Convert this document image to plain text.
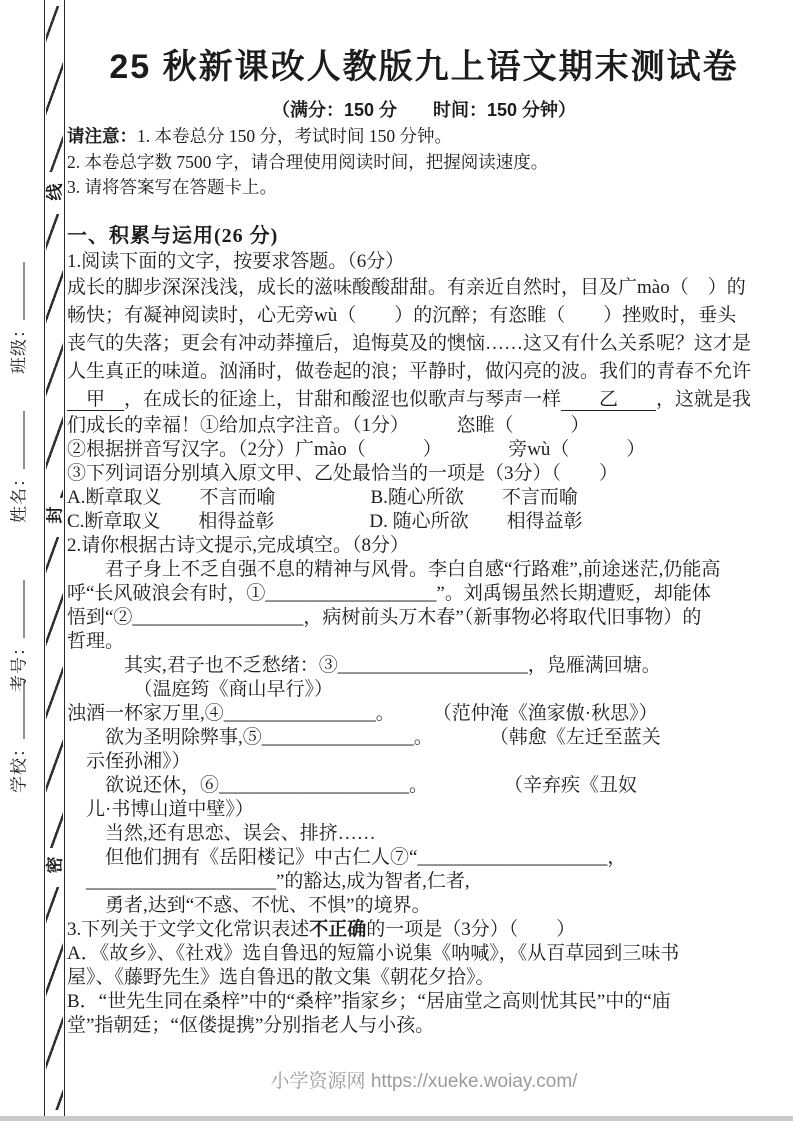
班级：
姓名：
考号：
学校：
线
封
密
25 秋新课改人教版九上语文期末测试卷
（满分：150 分　　时间：150 分钟）
请注意：1. 本卷总分 150 分，考试时间 150 分钟。
2. 本卷总字数 7500 字，请合理使用阅读时间，把握阅读速度。
3. 请将答案写在答题卡上。
一、积累与运用(26 分)
1.阅读下面的文字，按要求答题。（6分）
成长的脚步深深浅浅，成长的滋味酸酸甜甜。有亲近自然时，目及广mào（　）的
畅快；有凝神阅读时，心无旁wù（　　）的沉醉；有恣睢（　　）挫败时，垂头
丧气的失落；更会有冲动莽撞后，追悔莫及的懊恼……这又有什么关系呢？这才是
人生真正的味道。汹涌时，做卷起的浪；平静时，做闪亮的波。我们的青春不允许
　甲　，在成长的征途上，甘甜和酸涩也似歌声与琴声一样　　乙　　，这就是我
们成长的幸福！①给加点字注音。（1分）　　　恣睢（　　　）
②根据拼音写汉字。（2分）广mào（　　　）　　　　旁wù（　　　）
③下列词语分别填入原文甲、乙处最恰当的一项是（3分）（　　）
A.断章取义　　不言而喻　　　　　B.随心所欲　　不言而喻
C.断章取义　　相得益彰　　　　　D. 随心所欲　　相得益彰
2.请你根据古诗文提示,完成填空。（8分）
　　君子身上不乏自强不息的精神与风骨。李白自感“行路难”,前途迷茫,仍能高
呼“长风破浪会有时，①__________________”。刘禹锡虽然长期遭贬，却能体
悟到“②__________________，病树前头万木春”（新事物必将取代旧事物）的
哲理。
　　　其实,君子也不乏愁绪：③____________________，凫雁满回塘。
　　　　（温庭筠《商山早行》）
浊酒一杯家万里,④________________。　　　（范仲淹《渔家傲·秋思》）
　　欲为圣明除弊事,⑤________________。　　　　（韩愈《左迁至蓝关
　示侄孙湘》）
　　欲说还休，⑥____________________。　　　　　（辛弃疾《丑奴
　儿·书博山道中壁》）
　　当然,还有思恋、误会、排挤……
　　但他们拥有《岳阳楼记》中古仁人⑦“____________________，
　____________________”的豁达,成为智者,仁者,
　　勇者,达到“不惑、不忧、不惧”的境界。
3.下列关于文学文化常识表述不正确的一项是（3分）（　　）
A．《故乡》、《社戏》选自鲁迅的短篇小说集《呐喊》，《从百草园到三味书
屋》、《藤野先生》选自鲁迅的散文集《朝花夕拾》。
B．“世先生同在桑梓”中的“桑梓”指家乡；“居庙堂之高则忧其民”中的“庙
堂”指朝廷；“伛偻提携”分别指老人与小孩。
小学资源网 https://xueke.woiay.com/
